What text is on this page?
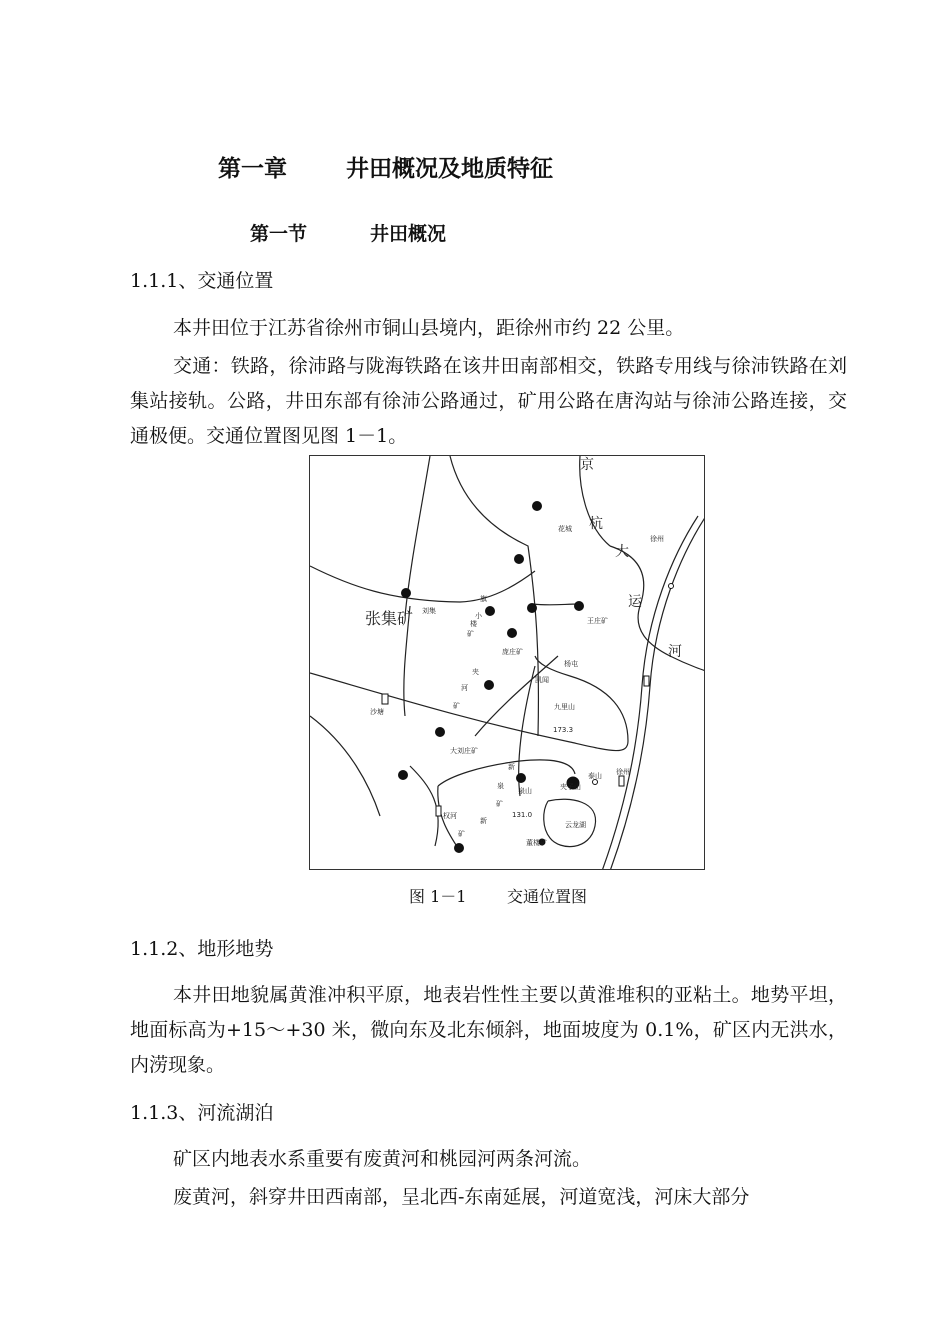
第一章	井田概况及地质特征
第一节	井田概况
1.1.1、交通位置
本井田位于江苏省徐州市铜山县境内，距徐州市约 22 公里。
交通：铁路，徐沛路与陇海铁路在该井田南部相交，铁路专用线与徐沛铁路在刘集站接轨。公路，井田东部有徐沛公路通过，矿用公路在唐沟站与徐沛公路连接，交通极便。交通位置图见图 1－1。
张集矿
京
杭
大
运
河
花城
徐州
刘集
旗
小
楼
矿
王庄矿
庞庄矿
夹
河
矿
杨屯
凯闻
九里山
173.3
沙塘
大刘庄矿
新
泉
矿
新
矿
泰山 徐州
权河
泉山	夹子山
131.0
云龙湖
董楼矿
图 1－1	交通位置图
1.1.2、地形地势
本井田地貌属黄淮冲积平原，地表岩性性主要以黄淮堆积的亚粘土。地势平坦，地面标高为+15～+30 米，微向东及北东倾斜，地面坡度为 0.1%，矿区内无洪水，内涝现象。
1.1.3、河流湖泊
矿区内地表水系重要有废黄河和桃园河两条河流。
废黄河，斜穿井田西南部，呈北西-东南延展，河道宽浅，河床大部分
